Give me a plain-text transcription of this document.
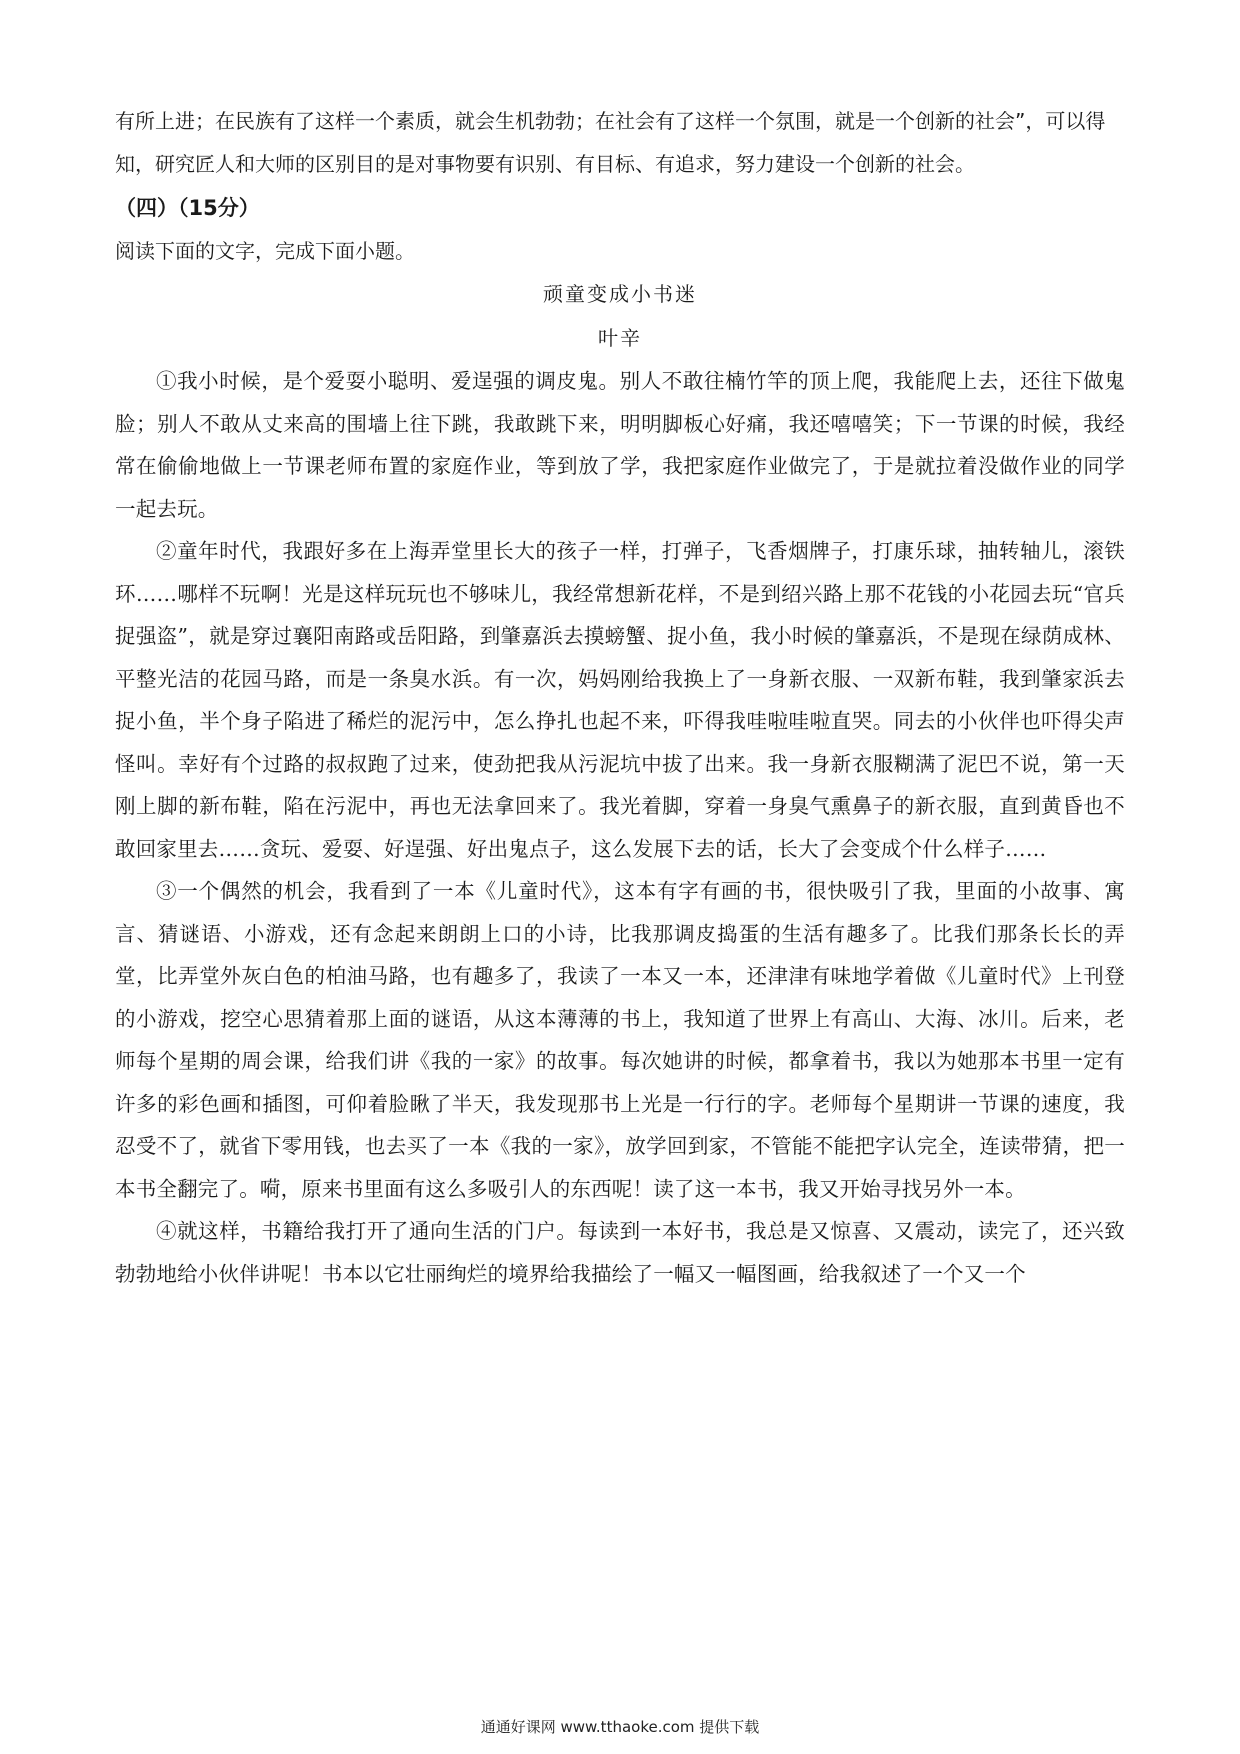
有所上进；在民族有了这样一个素质，就会生机勃勃；在社会有了这样一个氛围，就是一个创新的社会”，可以得知，研究匠人和大师的区别目的是对事物要有识别、有目标、有追求，努力建设一个创新的社会。

（四）（15分）

阅读下面的文字，完成下面小题。

顽童变成小书迷

叶辛

①我小时候，是个爱耍小聪明、爱逞强的调皮鬼。别人不敢往楠竹竿的顶上爬，我能爬上去，还往下做鬼脸；别人不敢从丈来高的围墙上往下跳，我敢跳下来，明明脚板心好痛，我还嘻嘻笑；下一节课的时候，我经常在偷偷地做上一节课老师布置的家庭作业，等到放了学，我把家庭作业做完了，于是就拉着没做作业的同学一起去玩。

②童年时代，我跟好多在上海弄堂里长大的孩子一样，打弹子，飞香烟牌子，打康乐球，抽转轴儿，滚铁环……哪样不玩啊！光是这样玩玩也不够味儿，我经常想新花样，不是到绍兴路上那不花钱的小花园去玩“官兵捉强盗”，就是穿过襄阳南路或岳阳路，到肇嘉浜去摸螃蟹、捉小鱼，我小时候的肇嘉浜，不是现在绿荫成林、平整光洁的花园马路，而是一条臭水浜。有一次，妈妈刚给我换上了一身新衣服、一双新布鞋，我到肇家浜去捉小鱼，半个身子陷进了稀烂的泥污中，怎么挣扎也起不来，吓得我哇啦哇啦直哭。同去的小伙伴也吓得尖声怪叫。幸好有个过路的叔叔跑了过来，使劲把我从污泥坑中拔了出来。我一身新衣服糊满了泥巴不说，第一天刚上脚的新布鞋，陷在污泥中，再也无法拿回来了。我光着脚，穿着一身臭气熏鼻子的新衣服，直到黄昏也不敢回家里去……贪玩、爱耍、好逞强、好出鬼点子，这么发展下去的话，长大了会变成个什么样子……

③一个偶然的机会，我看到了一本《儿童时代》，这本有字有画的书，很快吸引了我，里面的小故事、寓言、猜谜语、小游戏，还有念起来朗朗上口的小诗，比我那调皮捣蛋的生活有趣多了。比我们那条长长的弄堂，比弄堂外灰白色的柏油马路，也有趣多了，我读了一本又一本，还津津有味地学着做《儿童时代》上刊登的小游戏，挖空心思猜着那上面的谜语，从这本薄薄的书上，我知道了世界上有高山、大海、冰川。后来，老师每个星期的周会课，给我们讲《我的一家》的故事。每次她讲的时候，都拿着书，我以为她那本书里一定有许多的彩色画和插图，可仰着脸瞅了半天，我发现那书上光是一行行的字。老师每个星期讲一节课的速度，我忍受不了，就省下零用钱，也去买了一本《我的一家》，放学回到家，不管能不能把字认完全，连读带猜，把一本书全翻完了。嗬，原来书里面有这么多吸引人的东西呢！读了这一本书，我又开始寻找另外一本。

④就这样，书籍给我打开了通向生活的门户。每读到一本好书，我总是又惊喜、又震动，读完了，还兴致勃勃地给小伙伴讲呢！书本以它壮丽绚烂的境界给我描绘了一幅又一幅图画，给我叙述了一个又一个

通通好课网 www.tthaoke.com 提供下载
